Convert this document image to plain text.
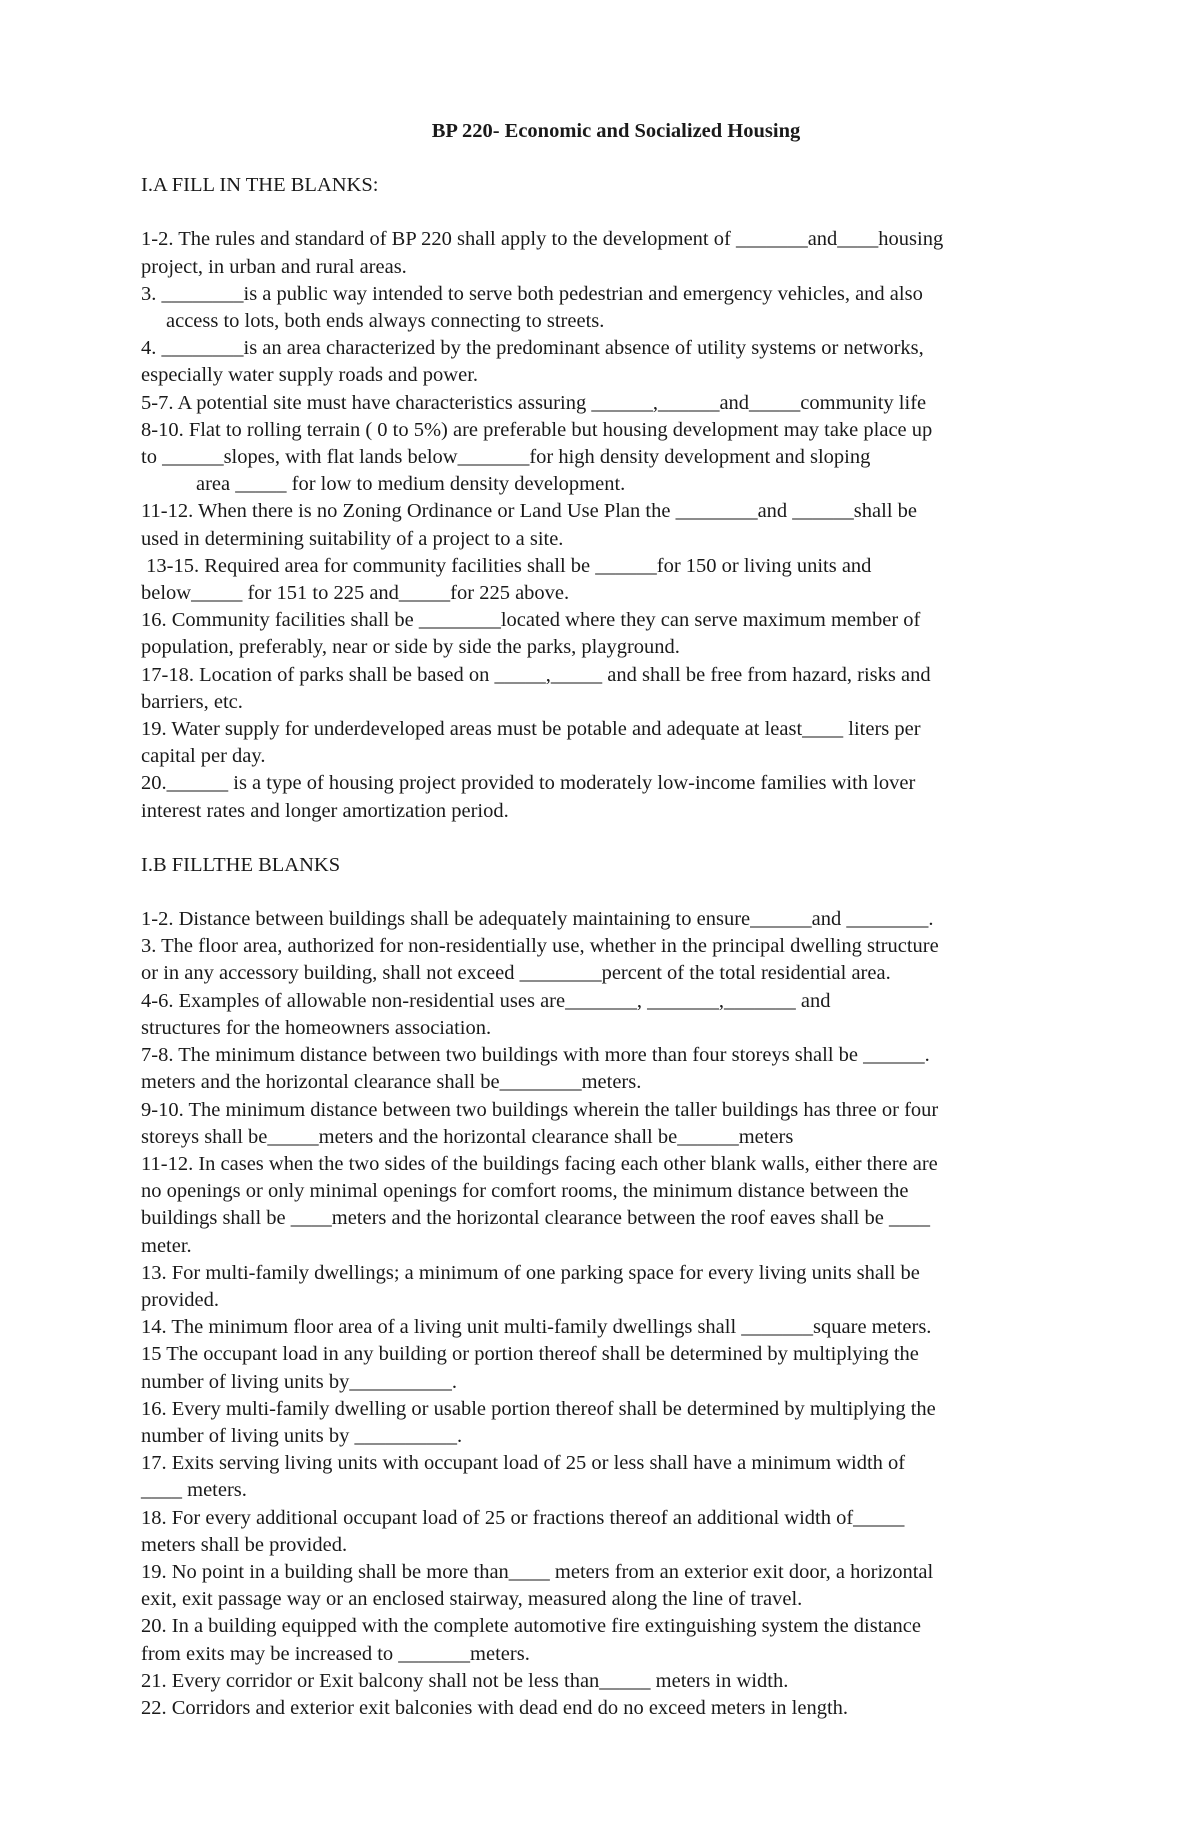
BP 220- Economic and Socialized Housing
I.A FILL IN THE BLANKS:
1-2. The rules and standard of BP 220 shall apply to the development of _______and____housing
project, in urban and rural areas.
3. ________is a public way intended to serve both pedestrian and emergency vehicles, and also
access to lots, both ends always connecting to streets.
4. ________is an area characterized by the predominant absence of utility systems or networks,
especially water supply roads and power.
5-7. A potential site must have characteristics assuring ______,______and_____community life
8-10. Flat to rolling terrain ( 0 to 5%) are preferable but housing development may take place up
to ______slopes, with flat lands below_______for high density development and sloping
area _____ for low to medium density development.
11-12. When there is no Zoning Ordinance or Land Use Plan the ________and ______shall be
used in determining suitability of a project to a site.
13-15. Required area for community facilities shall be ______for 150 or living units and
below_____ for 151 to 225 and_____for 225 above.
16. Community facilities shall be ________located where they can serve maximum member of
population, preferably, near or side by side the parks, playground.
17-18. Location of parks shall be based on _____,_____ and shall be free from hazard, risks and
barriers, etc.
19. Water supply for underdeveloped areas must be potable and adequate at least____ liters per
capital per day.
20.______ is a type of housing project provided to moderately low-income families with lover
interest rates and longer amortization period.
I.B FILLTHE BLANKS
1-2. Distance between buildings shall be adequately maintaining to ensure______and ________.
3. The floor area, authorized for non-residentially use, whether in the principal dwelling structure
or in any accessory building, shall not exceed ________percent of the total residential area.
4-6. Examples of allowable non-residential uses are_______, _______,_______ and
structures for the homeowners association.
7-8. The minimum distance between two buildings with more than four storeys shall be ______.
meters and the horizontal clearance shall be________meters.
9-10. The minimum distance between two buildings wherein the taller buildings has three or four
storeys shall be_____meters and the horizontal clearance shall be______meters
11-12. In cases when the two sides of the buildings facing each other blank walls, either there are
no openings or only minimal openings for comfort rooms, the minimum distance between the
buildings shall be ____meters and the horizontal clearance between the roof eaves shall be ____
meter.
13. For multi-family dwellings; a minimum of one parking space for every living units shall be
provided.
14. The minimum floor area of a living unit multi-family dwellings shall _______square meters.
15 The occupant load in any building or portion thereof shall be determined by multiplying the
number of living units by__________.
16. Every multi-family dwelling or usable portion thereof shall be determined by multiplying the
number of living units by __________.
17. Exits serving living units with occupant load of 25 or less shall have a minimum width of
____ meters.
18. For every additional occupant load of 25 or fractions thereof an additional width of_____
meters shall be provided.
19. No point in a building shall be more than____ meters from an exterior exit door, a horizontal
exit, exit passage way or an enclosed stairway, measured along the line of travel.
20. In a building equipped with the complete automotive fire extinguishing system the distance
from exits may be increased to _______meters.
21. Every corridor or Exit balcony shall not be less than_____ meters in width.
22. Corridors and exterior exit balconies with dead end do no exceed meters in length.
